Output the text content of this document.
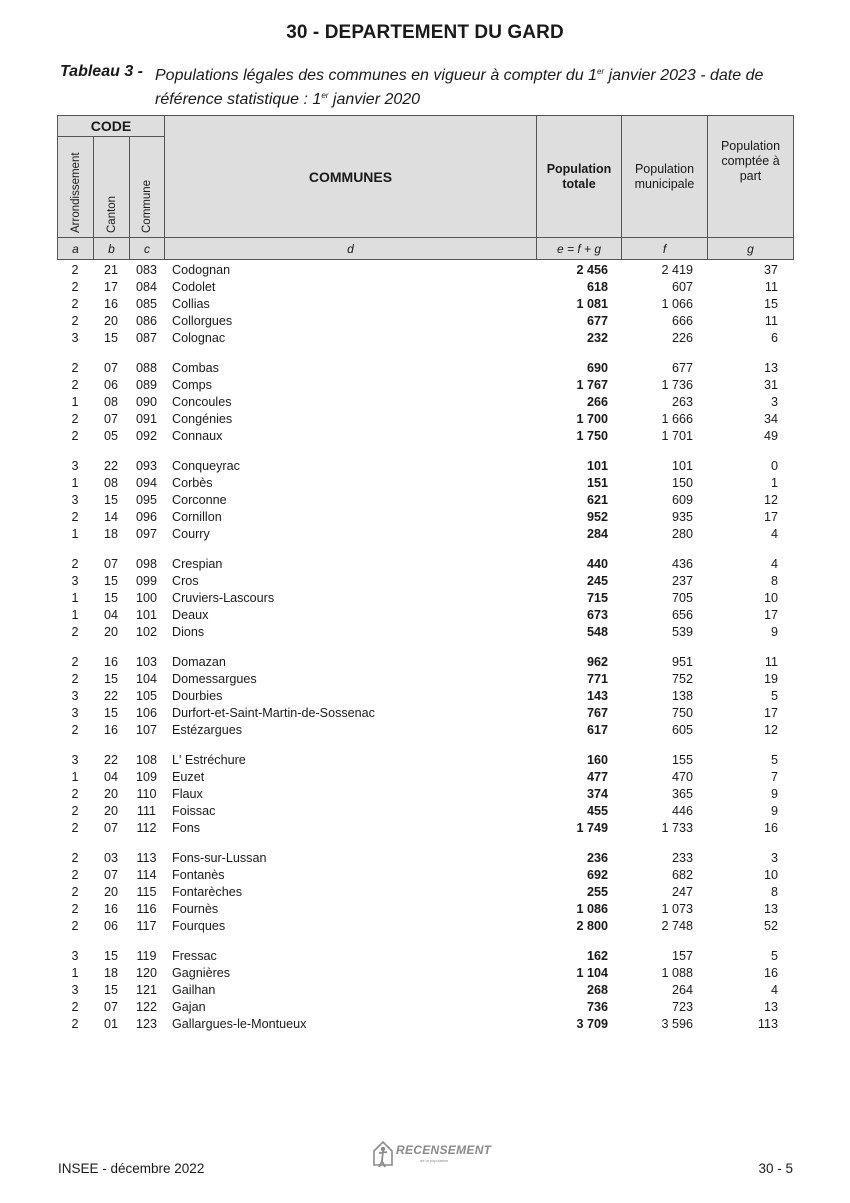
30 - DEPARTEMENT DU GARD
Tableau 3 - Populations légales des communes en vigueur à compter du 1er janvier 2023 - date de référence statistique : 1er janvier 2020
CODE			COMMUNES	Population totale	Population municipale	Population comptée à part

Arrondissement	Canton	Commune				

a	b	c	d	e = f + g	f	g
2	21	083	Codognan	2 456	2 419	37
2	17	084	Codolet	618	607	11
2	16	085	Collias	1 081	1 066	15
2	20	086	Collorgues	677	666	11
3	15	087	Colognac	232	226	6
2	07	088	Combas	690	677	13
2	06	089	Comps	1 767	1 736	31
1	08	090	Concoules	266	263	3
2	07	091	Congénies	1 700	1 666	34
2	05	092	Connaux	1 750	1 701	49
3	22	093	Conqueyrac	101	101	0
1	08	094	Corbès	151	150	1
3	15	095	Corconne	621	609	12
2	14	096	Cornillon	952	935	17
1	18	097	Courry	284	280	4
2	07	098	Crespian	440	436	4
3	15	099	Cros	245	237	8
1	15	100	Cruviers-Lascours	715	705	10
1	04	101	Deaux	673	656	17
2	20	102	Dions	548	539	9
2	16	103	Domazan	962	951	11
2	15	104	Domessargues	771	752	19
3	22	105	Dourbies	143	138	5
3	15	106	Durfort-et-Saint-Martin-de-Sossenac	767	750	17
2	16	107	Estézargues	617	605	12
3	22	108	L' Estréchure	160	155	5
1	04	109	Euzet	477	470	7
2	20	110	Flaux	374	365	9
2	20	111	Foissac	455	446	9
2	07	112	Fons	1 749	1 733	16
2	03	113	Fons-sur-Lussan	236	233	3
2	07	114	Fontanès	692	682	10
2	20	115	Fontarèches	255	247	8
2	16	116	Fournès	1 086	1 073	13
2	06	117	Fourques	2 800	2 748	52
3	15	119	Fressac	162	157	5
1	18	120	Gagnières	1 104	1 088	16
3	15	121	Gailhan	268	264	4
2	07	122	Gajan	736	723	13
2	01	123	Gallargues-le-Montueux	3 709	3 596	113
RECENSEMENT
de la population
INSEE - décembre 2022	30 - 5
